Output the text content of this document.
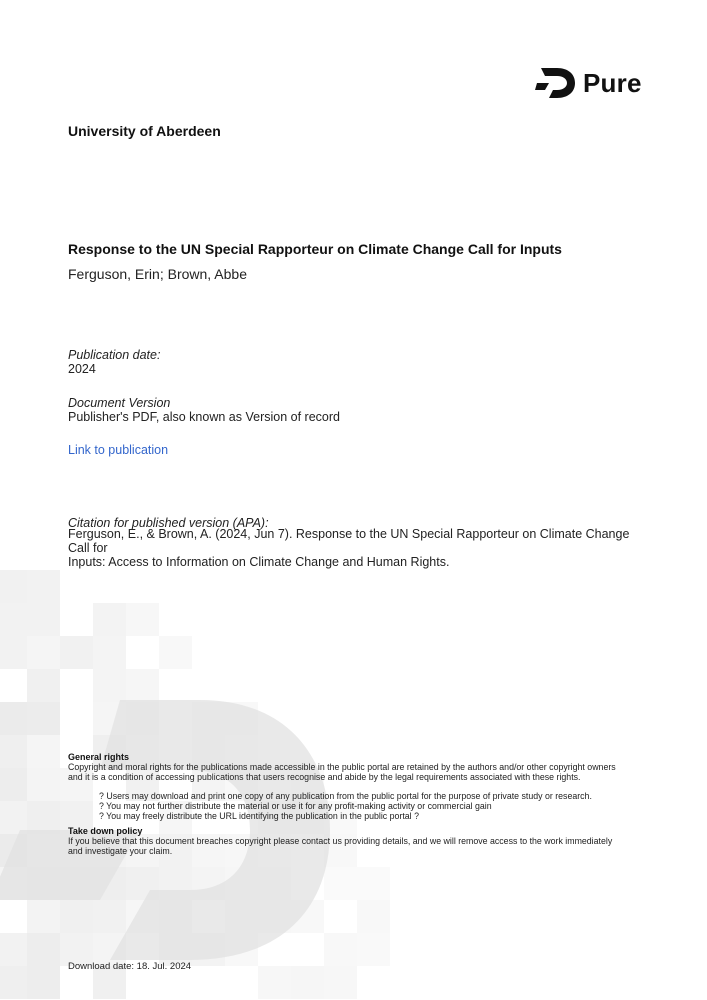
Pure
University of Aberdeen
Response to the UN Special Rapporteur on Climate Change Call for Inputs
Ferguson, Erin; Brown, Abbe
Publication date:
2024
Document Version
Publisher's PDF, also known as Version of record
Link to publication
Citation for published version (APA):
Ferguson, E., & Brown, A. (2024, Jun 7). Response to the UN Special Rapporteur on Climate Change Call for
Inputs: Access to Information on Climate Change and Human Rights.
General rights
Copyright and moral rights for the publications made accessible in the public portal are retained by the authors and/or other copyright owners
and it is a condition of accessing publications that users recognise and abide by the legal requirements associated with these rights.
? Users may download and print one copy of any publication from the public portal for the purpose of private study or research.
? You may not further distribute the material or use it for any profit-making activity or commercial gain
? You may freely distribute the URL identifying the publication in the public portal ?
Take down policy
If you believe that this document breaches copyright please contact us providing details, and we will remove access to the work immediately
and investigate your claim.
Download date: 18. Jul. 2024
